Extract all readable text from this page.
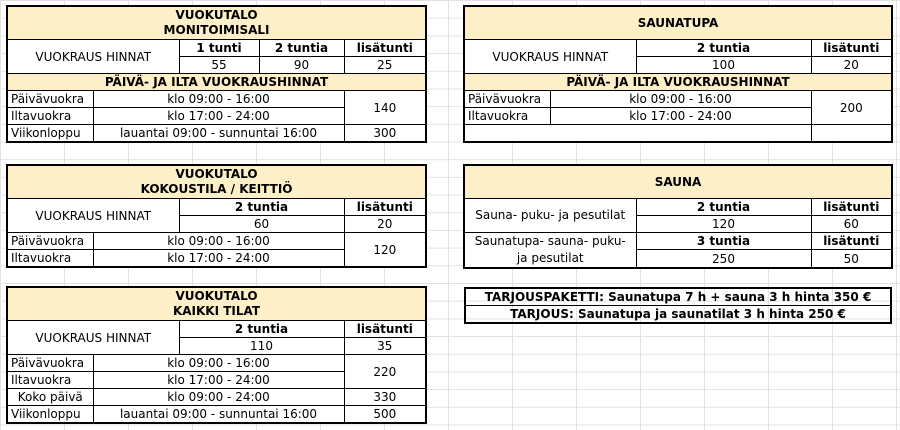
VUOKUTALO
MONITOIMISALI				

VUOKRAUS HINNAT		1 tunti	2 tuntia	lisätunti
		55	90	25
PÄIVÄ- JA ILTA VUOKRAUSHINNAT				
Päivävuokra	klo 09:00 - 16:00			140
Iltavuokra	klo 17:00 - 24:00			
Viikonloppu	lauantai 09:00 - sunnuntai 16:00			300
SAUNATUPA			
VUOKRAUS HINNAT		2 tuntia	lisätunti
		100	20
PÄIVÄ- JA ILTA VUOKRAUSHINNAT			
Päivävuokra	klo 09:00 - 16:00		200
Iltavuokra	klo 17:00 - 24:00		

VUOKUTALO
KOKOUSTILA / KEITTIÖ			

VUOKRAUS HINNAT		2 tuntia	lisätunti
		60	20
Päivävuokra	klo 09:00 - 16:00		120
Iltavuokra	klo 17:00 - 24:00		
SAUNA		
Sauna- puku- ja pesutilat	2 tuntia	lisätunti
	120	60
Saunatupa- sauna- puku- ja pesutilat	3 tuntia	lisätunti
	250	50
VUOKUTALO
KAIKKI TILAT			

VUOKRAUS HINNAT		2 tuntia	lisätunti
		110	35
Päivävuokra	klo 09:00 - 16:00		220
Iltavuokra	klo 17:00 - 24:00		
Koko päivä	klo 09:00 - 24:00		330
Viikonloppu	lauantai 09:00 - sunnuntai 16:00		500
TARJOUSPAKETTI: Saunatupa 7 h + sauna 3 h hinta 350 €
TARJOUS: Saunatupa ja saunatilat 3 h hinta 250 €
